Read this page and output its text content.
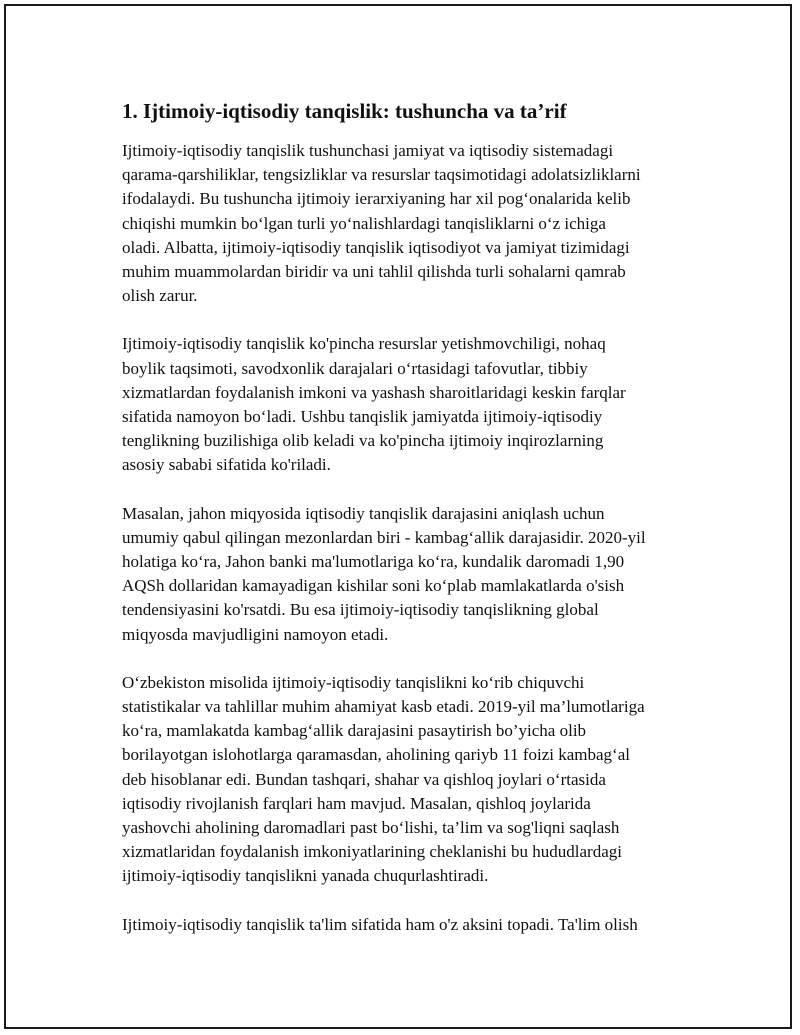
1. Ijtimoiy-iqtisodiy tanqislik: tushuncha va ta’rif

Ijtimoiy-iqtisodiy tanqislik tushunchasi jamiyat va iqtisodiy sistemadagi
qarama-qarshiliklar, tengsizliklar va resurslar taqsimotidagi adolatsizliklarni
ifodalaydi. Bu tushuncha ijtimoiy ierarxiyaning har xil pog‘onalarida kelib
chiqishi mumkin bo‘lgan turli yo‘nalishlardagi tanqisliklarni o‘z ichiga
oladi. Albatta, ijtimoiy-iqtisodiy tanqislik iqtisodiyot va jamiyat tizimidagi
muhim muammolardan biridir va uni tahlil qilishda turli sohalarni qamrab
olish zarur.

Ijtimoiy-iqtisodiy tanqislik ko'pincha resurslar yetishmovchiligi, nohaq
boylik taqsimoti, savodxonlik darajalari o‘rtasidagi tafovutlar, tibbiy
xizmatlardan foydalanish imkoni va yashash sharoitlaridagi keskin farqlar
sifatida namoyon bo‘ladi. Ushbu tanqislik jamiyatda ijtimoiy-iqtisodiy
tenglikning buzilishiga olib keladi va ko'pincha ijtimoiy inqirozlarning
asosiy sababi sifatida ko'riladi.

Masalan, jahon miqyosida iqtisodiy tanqislik darajasini aniqlash uchun
umumiy qabul qilingan mezonlardan biri - kambag‘allik darajasidir. 2020-yil
holatiga ko‘ra, Jahon banki ma'lumotlariga ko‘ra, kundalik daromadi 1,90
AQSh dollaridan kamayadigan kishilar soni ko‘plab mamlakatlarda o'sish
tendensiyasini ko'rsatdi. Bu esa ijtimoiy-iqtisodiy tanqislikning global
miqyosda mavjudligini namoyon etadi.

O‘zbekiston misolida ijtimoiy-iqtisodiy tanqislikni ko‘rib chiquvchi
statistikalar va tahlillar muhim ahamiyat kasb etadi. 2019-yil ma’lumotlariga
ko‘ra, mamlakatda kambag‘allik darajasini pasaytirish bo’yicha olib
borilayotgan islohotlarga qaramasdan, aholining qariyb 11 foizi kambag‘al
deb hisoblanar edi. Bundan tashqari, shahar va qishloq joylari o‘rtasida
iqtisodiy rivojlanish farqlari ham mavjud. Masalan, qishloq joylarida
yashovchi aholining daromadlari past bo‘lishi, ta’lim va sog'liqni saqlash
xizmatlaridan foydalanish imkoniyatlarining cheklanishi bu hududlardagi
ijtimoiy-iqtisodiy tanqislikni yanada chuqurlashtiradi.

Ijtimoiy-iqtisodiy tanqislik ta'lim sifatida ham o'z aksini topadi. Ta'lim olish
